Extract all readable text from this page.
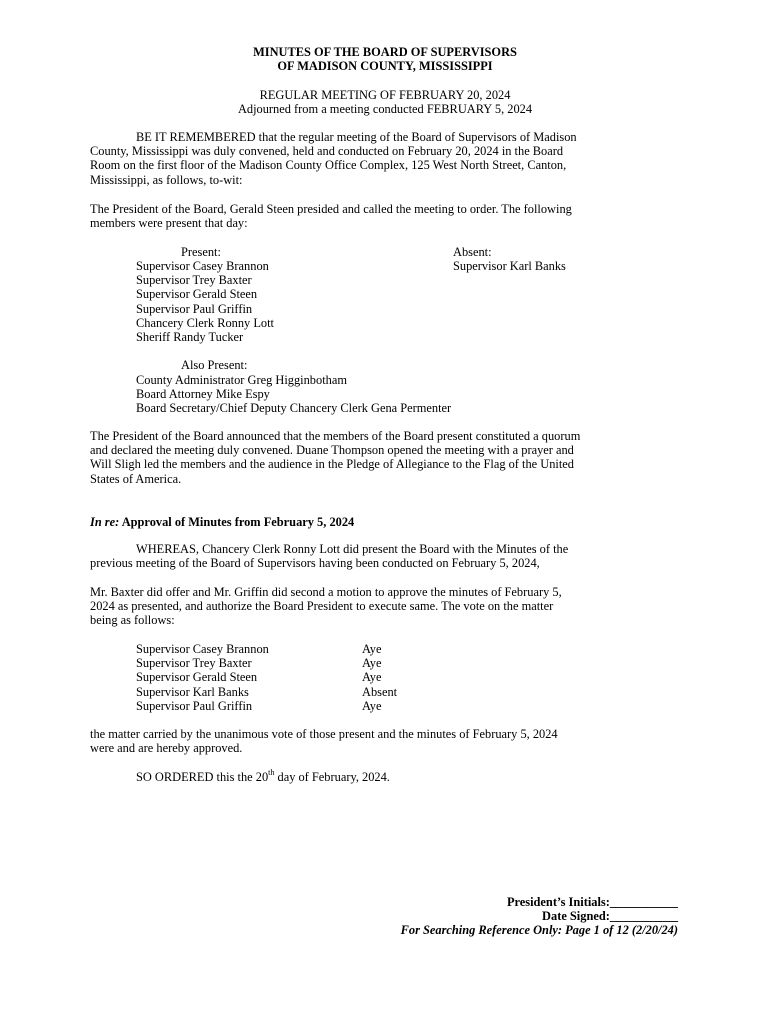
MINUTES OF THE BOARD OF SUPERVISORS
OF MADISON COUNTY, MISSISSIPPI
REGULAR MEETING OF FEBRUARY 20, 2024
Adjourned from a meeting conducted FEBRUARY 5, 2024
BE IT REMEMBERED that the regular meeting of the Board of Supervisors of Madison
County, Mississippi was duly convened, held and conducted on February 20, 2024 in the Board
Room on the first floor of the Madison County Office Complex, 125 West North Street, Canton,
Mississippi, as follows, to-wit:
The President of the Board, Gerald Steen presided and called the meeting to order. The following
members were present that day:
Present:
Supervisor Casey Brannon
Supervisor Trey Baxter
Supervisor Gerald Steen
Supervisor Paul Griffin
Chancery Clerk Ronny Lott
Sheriff Randy Tucker
Absent:
Supervisor Karl Banks
Also Present:
County Administrator Greg Higginbotham
Board Attorney Mike Espy
Board Secretary/Chief Deputy Chancery Clerk Gena Permenter
The President of the Board announced that the members of the Board present constituted a quorum
and declared the meeting duly convened. Duane Thompson opened the meeting with a prayer and
Will Sligh led the members and the audience in the Pledge of Allegiance to the Flag of the United
States of America.
In re: Approval of Minutes from February 5, 2024
WHEREAS, Chancery Clerk Ronny Lott did present the Board with the Minutes of the
previous meeting of the Board of Supervisors having been conducted on February 5, 2024,
Mr. Baxter did offer and Mr. Griffin did second a motion to approve the minutes of February 5,
2024 as presented, and authorize the Board President to execute same. The vote on the matter
being as follows:
Supervisor Casey Brannon	Aye
Supervisor Trey Baxter	Aye
Supervisor Gerald Steen	Aye
Supervisor Karl Banks	Absent
Supervisor Paul Griffin	Aye
the matter carried by the unanimous vote of those present and the minutes of February 5, 2024
were and are hereby approved.
SO ORDERED this the 20th day of February, 2024.
President’s Initials:___________
Date Signed:___________
For Searching Reference Only: Page 1 of 12 (2/20/24)
